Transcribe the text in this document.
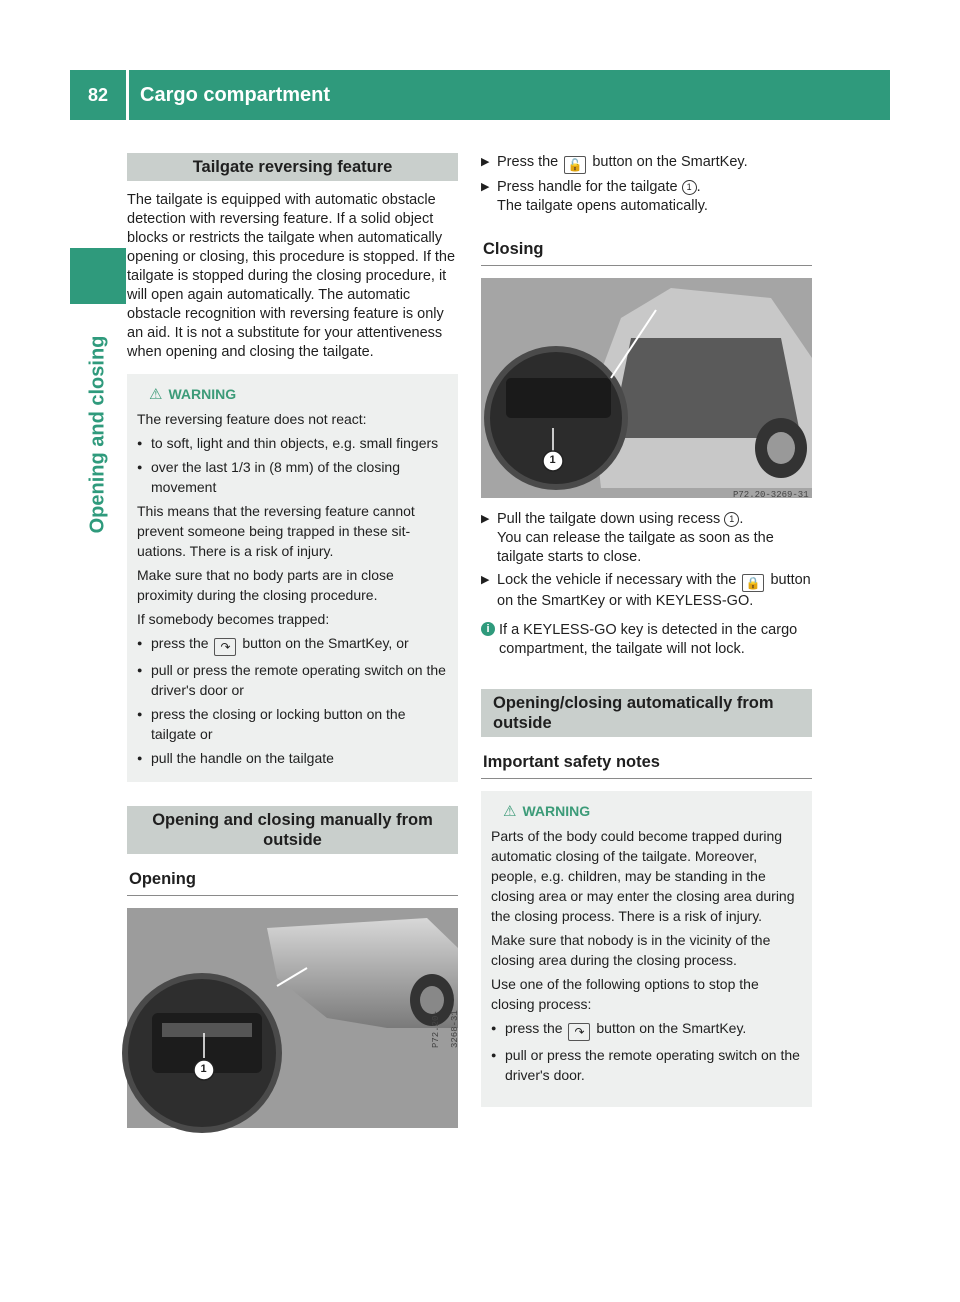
82	Cargo compartment
Opening and closing
Tailgate reversing feature

The tailgate is equipped with automatic obstacle detection with reversing feature. If a solid object blocks or restricts the tailgate when automatically opening or closing, this procedure is stopped. If the tailgate is stopped during the closing procedure, it will open again automatically. The automatic obstacle recognition with reversing feature is only an aid. It is not a substitute for your attentiveness when opening and closing the tailgate.

⚠ WARNING

The reversing feature does not react:

● to soft, light and thin objects, e.g. small fingers
● over the last 1/3 in (8 mm) of the closing movement

This means that the reversing feature cannot prevent someone being trapped in these situations. There is a risk of injury.

Make sure that no body parts are in close proximity during the closing procedure.

If somebody becomes trapped:

● press the ↷ button on the SmartKey, or
● pull or press the remote operating switch on the driver's door or
● press the closing or locking button on the tailgate or
● pull the handle on the tailgate
Opening and closing manually from outside
Opening
1
P72.20-3268-31
▶ Press the 🔓 button on the SmartKey.
▶ Press handle for the tailgate 1 .
The tailgate opens automatically.
Closing
1
P72.20-3269-31
▶ Pull the tailgate down using recess 1 .
You can release the tailgate as soon as the tailgate starts to close.
▶ Lock the vehicle if necessary with the 🔒 button on the SmartKey or with KEYLESS-GO.
i If a KEYLESS-GO key is detected in the cargo compartment, the tailgate will not lock.
Opening/closing automatically from outside
Important safety notes
⚠ WARNING

Parts of the body could become trapped during automatic closing of the tailgate. Moreover, people, e.g. children, may be standing in the closing area or may enter the closing area during the closing process. There is a risk of injury.

Make sure that nobody is in the vicinity of the closing area during the closing process.

Use one of the following options to stop the closing process:

● press the ↷ button on the SmartKey.
● pull or press the remote operating switch on the driver's door.
